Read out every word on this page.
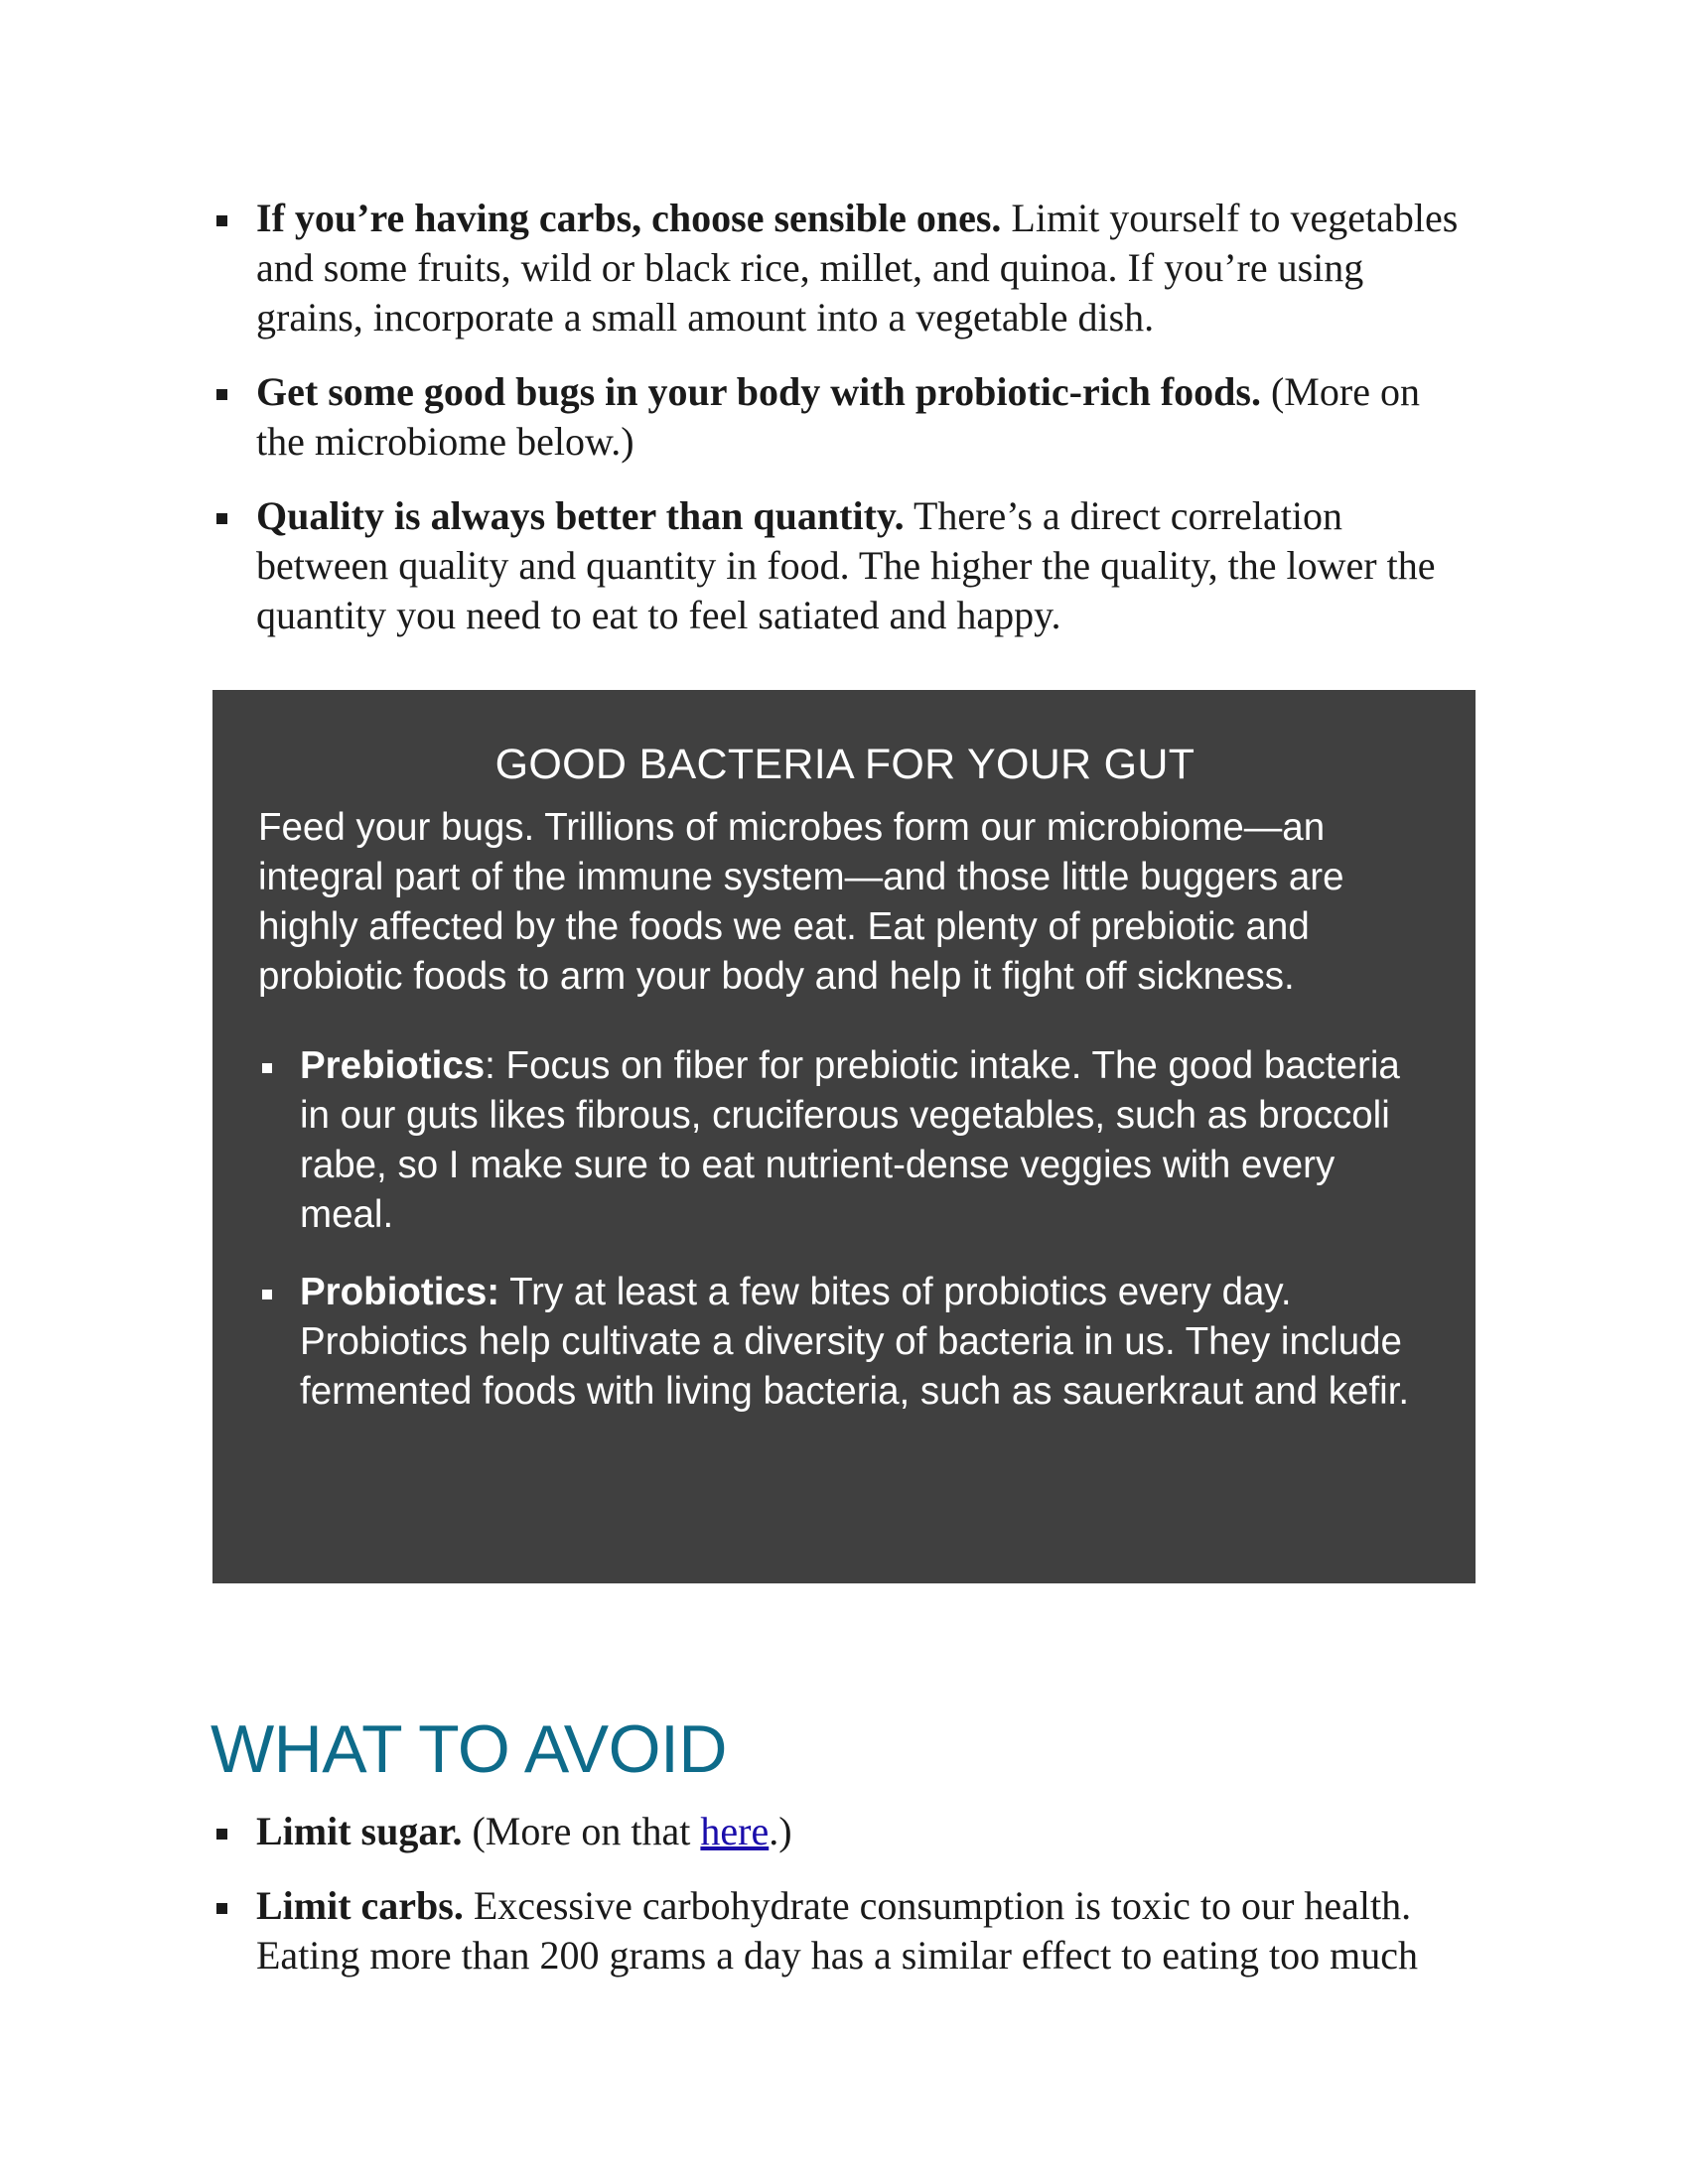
If you’re having carbs, choose sensible ones. Limit yourself to vegetables and some fruits, wild or black rice, millet, and quinoa. If you’re using grains, incorporate a small amount into a vegetable dish.
Get some good bugs in your body with probiotic-rich foods. (More on the microbiome below.)
Quality is always better than quantity. There’s a direct correlation between quality and quantity in food. The higher the quality, the lower the quantity you need to eat to feel satiated and happy.
GOOD BACTERIA FOR YOUR GUT

Feed your bugs. Trillions of microbes form our microbiome—an integral part of the immune system—and those little buggers are highly affected by the foods we eat. Eat plenty of prebiotic and probiotic foods to arm your body and help it fight off sickness.

Prebiotics: Focus on fiber for prebiotic intake. The good bacteria in our guts likes fibrous, cruciferous vegetables, such as broccoli rabe, so I make sure to eat nutrient-dense veggies with every meal.
Probiotics: Try at least a few bites of probiotics every day. Probiotics help cultivate a diversity of bacteria in us. They include fermented foods with living bacteria, such as sauerkraut and kefir.
WHAT TO AVOID
Limit sugar. (More on that here.)
Limit carbs. Excessive carbohydrate consumption is toxic to our health. Eating more than 200 grams a day has a similar effect to eating too much
